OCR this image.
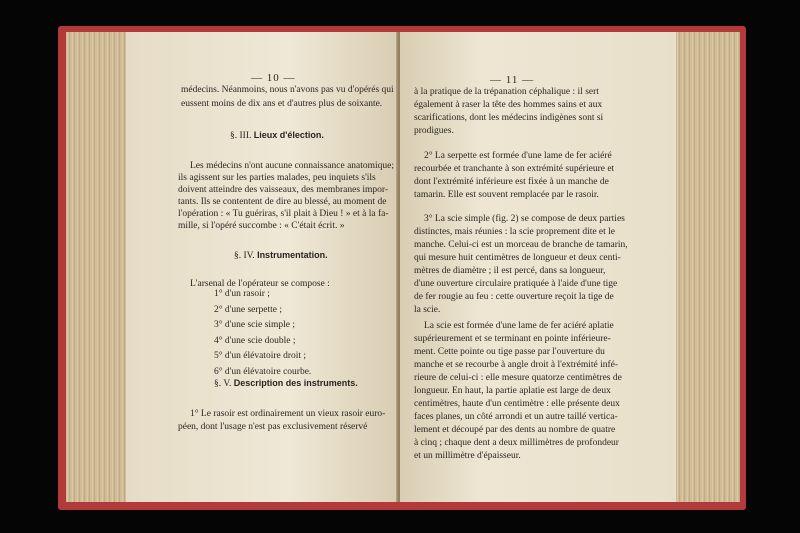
— 10 —
médecins. Néanmoins, nous n'avons pas vu d'opérés qui
eussent moins de dix ans et d'autres plus de soixante.
§. III. Lieux d'élection.
Les médecins n'ont aucune connaissance anatomique;
ils agissent sur les parties malades, peu inquiets s'ils
doivent atteindre des vaisseaux, des membranes impor-
tants. Ils se contentent de dire au blessé, au moment de
l'opération : « Tu guériras, s'il plait à Dieu ! » et à la fa-
mille, si l'opéré succombe : « C'était écrit. »
§. IV. Instrumentation.
L'arsenal de l'opérateur se compose :
1° d'un rasoir ;
2° d'une serpette ;
3° d'une scie simple ;
4° d'une scie double ;
5° d'un élévatoire droit ;
6° d'un élévatoire courbe.
§. V. Description des instruments.
1° Le rasoir est ordinairement un vieux rasoir euro-
péen, dont l'usage n'est pas exclusivement réservé
— 11 —
à la pratique de la trépanation céphalique : il sert
également à raser la tête des hommes sains et aux
scarifications, dont les médecins indigènes sont si
prodigues.
2° La serpette est formée d'une lame de fer aciéré
recourbée et tranchante à son extrémité supérieure et
dont l'extrémité inférieure est fixée à un manche de
tamarin. Elle est souvent remplacée par le rasoir.
3° La scie simple (fig. 2) se compose de deux parties
distinctes, mais réunies : la scie proprement dite et le
manche. Celui-ci est un morceau de branche de tamarin,
qui mesure huit centimètres de longueur et deux centi-
mètres de diamètre ; il est percé, dans sa longueur,
d'une ouverture circulaire pratiquée à l'aide d'une tige
de fer rougie au feu : cette ouverture reçoit la tige de
la scie.
La scie est formée d'une lame de fer aciéré aplatie
supérieurement et se terminant en pointe inférieure-
ment. Cette pointe ou tige passe par l'ouverture du
manche et se recourbe à angle droit à l'extrémité infé-
rieure de celui-ci : elle mesure quatorze centimètres de
longueur. En haut, la partie aplatie est large de deux
centimètres, haute d'un centimètre : elle présente deux
faces planes, un côté arrondi et un autre taillé vertica-
lement et découpé par des dents au nombre de quatre
à cinq ; chaque dent a deux millimètres de profondeur
et un millimètre d'épaisseur.
